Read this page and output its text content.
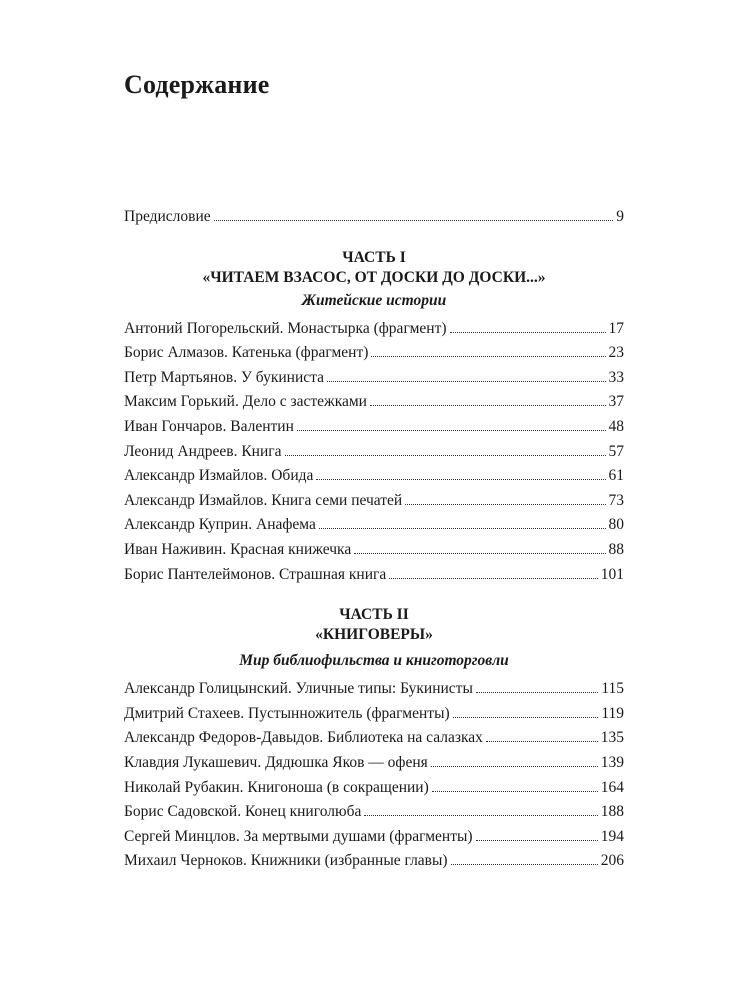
Содержание
Предисловие	9
ЧАСТЬ I
«ЧИТАЕМ ВЗАСОС, ОТ ДОСКИ ДО ДОСКИ...»
Житейские истории
Антоний Погорельский. Монастырка (фрагмент)	17
Борис Алмазов. Катенька (фрагмент)	23
Петр Мартьянов. У букиниста	33
Максим Горький. Дело с застежками	37
Иван Гончаров. Валентин	48
Леонид Андреев. Книга	57
Александр Измайлов. Обида	61
Александр Измайлов. Книга семи печатей	73
Александр Куприн. Анафема	80
Иван Наживин. Красная книжечка	88
Борис Пантелеймонов. Страшная книга	101
ЧАСТЬ II
«КНИГОВЕРЫ»
Мир библиофильства и книготорговли
Александр Голицынский. Уличные типы: Букинисты	115
Дмитрий Стахеев. Пустынножитель (фрагменты)	119
Александр Федоров-Давыдов. Библиотека на салазках	135
Клавдия Лукашевич. Дядюшка Яков — офеня	139
Николай Рубакин. Книгоноша (в сокращении)	164
Борис Садовской. Конец книголюба	188
Сергей Минцлов. За мертвыми душами (фрагменты)	194
Михаил Черноков. Книжники (избранные главы)	206
